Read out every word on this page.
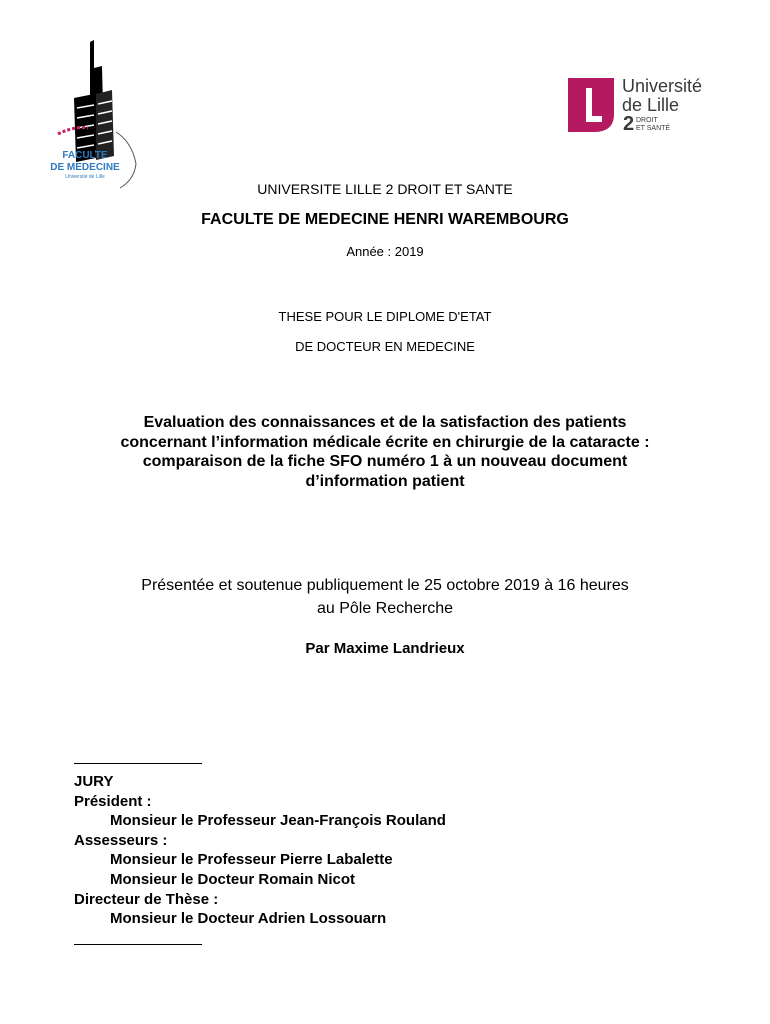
FACULTE
DE MEDECINE
Université de Lille
Université
de Lille
2 DROIT
ET SANTÉ
UNIVERSITE LILLE 2 DROIT ET SANTE
FACULTE DE MEDECINE HENRI WAREMBOURG
Année : 2019
THESE POUR LE DIPLOME D'ETAT
DE DOCTEUR EN MEDECINE
Evaluation des connaissances et de la satisfaction des patients
concernant l’information médicale écrite en chirurgie de la cataracte :
comparaison de la fiche SFO numéro 1 à un nouveau document
d’information patient
Présentée et soutenue publiquement le 25 octobre 2019 à 16 heures
au Pôle Recherche
Par Maxime Landrieux
JURY
Président :
Monsieur le Professeur Jean-François Rouland
Assesseurs :
Monsieur le Professeur Pierre Labalette
Monsieur le Docteur Romain Nicot
Directeur de Thèse :
Monsieur le Docteur Adrien Lossouarn
